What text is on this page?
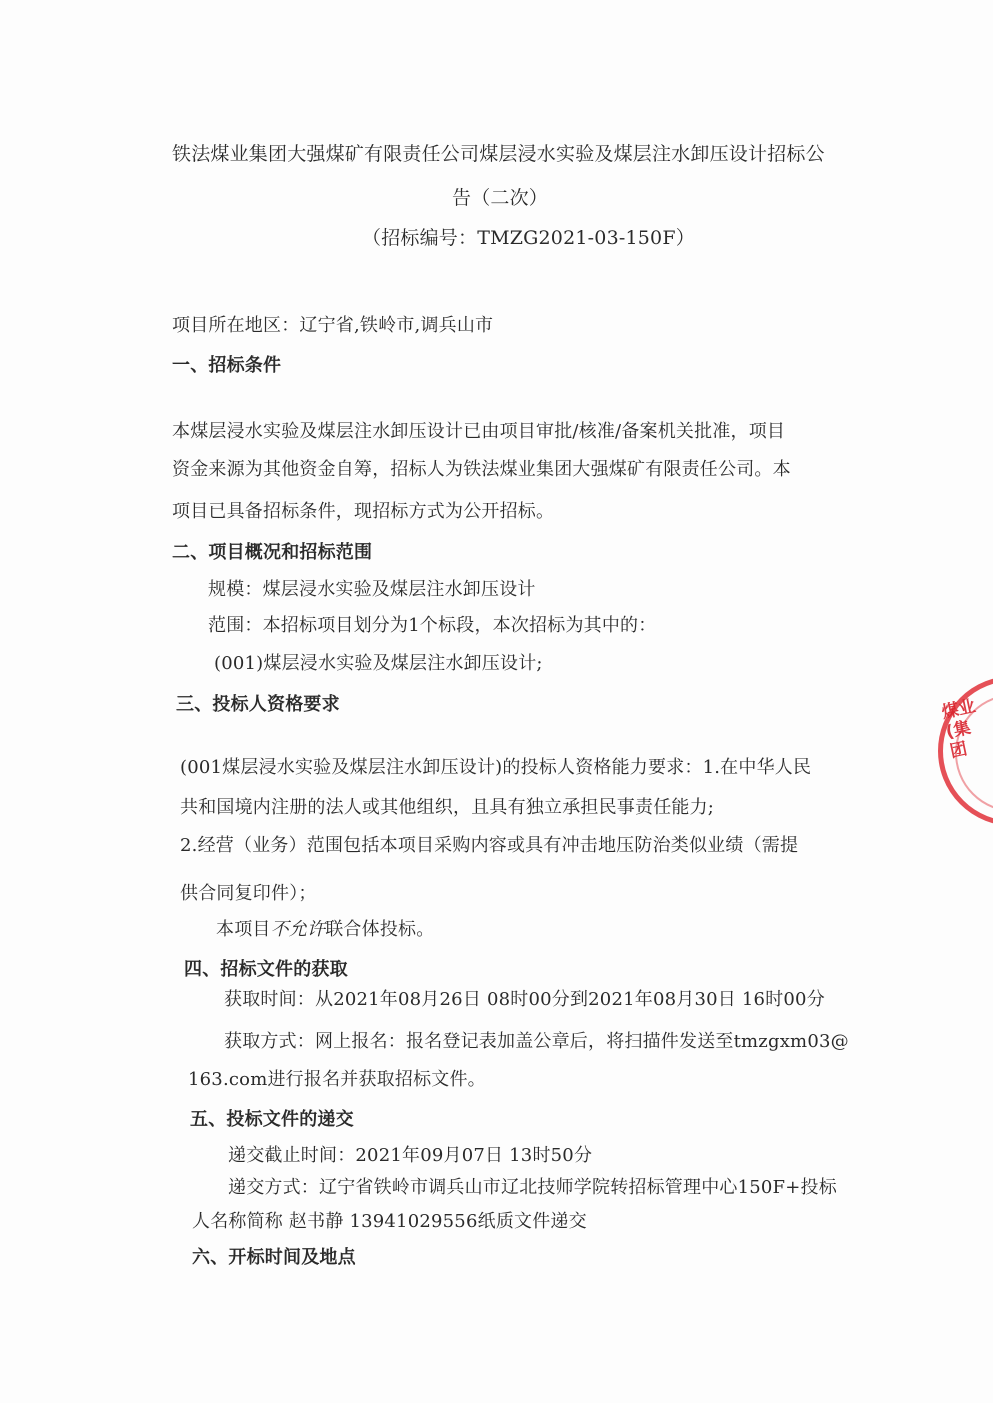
铁法煤业集团大强煤矿有限责任公司煤层浸水实验及煤层注水卸压设计招标公
告（二次）
（招标编号：TMZG2021-03-150F）
项目所在地区：辽宁省,铁岭市,调兵山市
一、招标条件
本煤层浸水实验及煤层注水卸压设计已由项目审批/核准/备案机关批准，项目
资金来源为其他资金自筹，招标人为铁法煤业集团大强煤矿有限责任公司。本
项目已具备招标条件，现招标方式为公开招标。
二、项目概况和招标范围
规模：煤层浸水实验及煤层注水卸压设计
范围：本招标项目划分为1个标段，本次招标为其中的：
(001)煤层浸水实验及煤层注水卸压设计;
三、投标人资格要求
(001煤层浸水实验及煤层注水卸压设计)的投标人资格能力要求：1.在中华人民
共和国境内注册的法人或其他组织，且具有独立承担民事责任能力;
2.经营（业务）范围包括本项目采购内容或具有冲击地压防治类似业绩（需提
供合同复印件）；
本项目不允许联合体投标。
四、招标文件的获取
获取时间：从2021年08月26日 08时00分到2021年08月30日 16时00分
获取方式：网上报名：报名登记表加盖公章后，将扫描件发送至tmzgxm03@
163.com进行报名并获取招标文件。
五、投标文件的递交
递交截止时间：2021年09月07日 13时50分
递交方式：辽宁省铁岭市调兵山市辽北技师学院转招标管理中心150F+投标
人名称简称 赵书静 13941029556纸质文件递交
六、开标时间及地点
煤业(集团
